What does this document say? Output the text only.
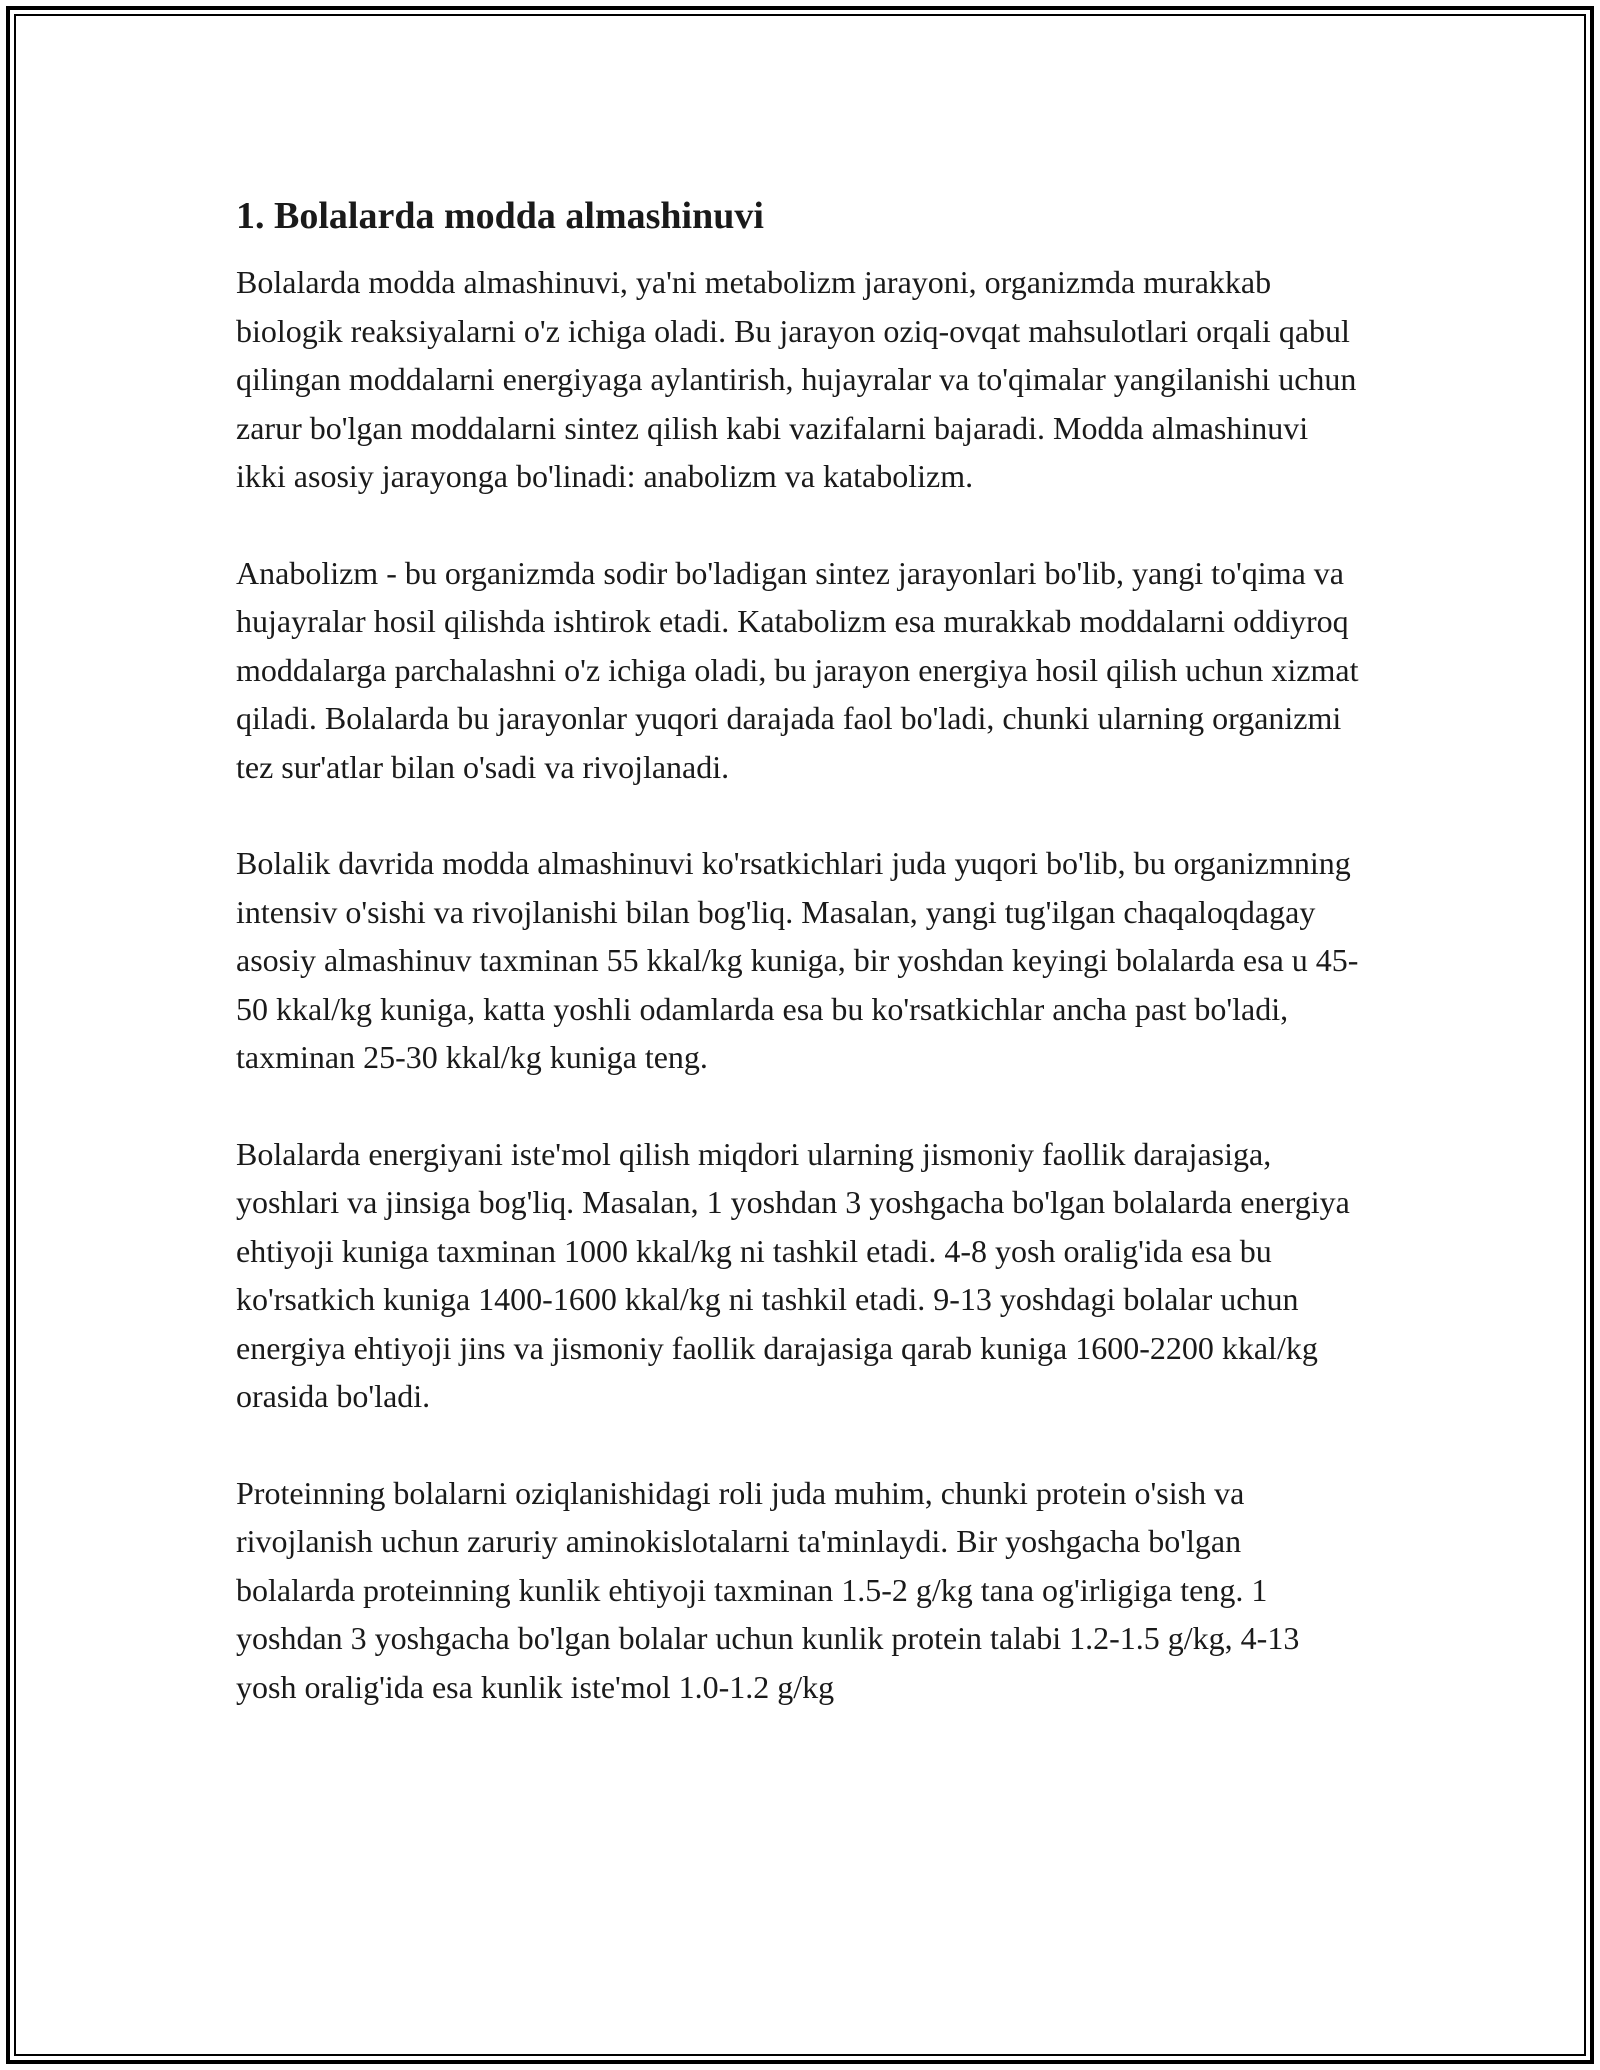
1. Bolalarda modda almashinuvi

Bolalarda modda almashinuvi, ya'ni metabolizm jarayoni, organizmda murakkab biologik reaksiyalarni o'z ichiga oladi. Bu jarayon oziq-ovqat mahsulotlari orqali qabul qilingan moddalarni energiyaga aylantirish, hujayralar va to'qimalar yangilanishi uchun zarur bo'lgan moddalarni sintez qilish kabi vazifalarni bajaradi. Modda almashinuvi ikki asosiy jarayonga bo'linadi: anabolizm va katabolizm.

Anabolizm - bu organizmda sodir bo'ladigan sintez jarayonlari bo'lib, yangi to'qima va hujayralar hosil qilishda ishtirok etadi. Katabolizm esa murakkab moddalarni oddiyroq moddalarga parchalashni o'z ichiga oladi, bu jarayon energiya hosil qilish uchun xizmat qiladi. Bolalarda bu jarayonlar yuqori darajada faol bo'ladi, chunki ularning organizmi tez sur'atlar bilan o'sadi va rivojlanadi.

Bolalik davrida modda almashinuvi ko'rsatkichlari juda yuqori bo'lib, bu organizmning intensiv o'sishi va rivojlanishi bilan bog'liq. Masalan, yangi tug'ilgan chaqaloqdagay asosiy almashinuv taxminan 55 kkal/kg kuniga, bir yoshdan keyingi bolalarda esa u 45-50 kkal/kg kuniga, katta yoshli odamlarda esa bu ko'rsatkichlar ancha past bo'ladi, taxminan 25-30 kkal/kg kuniga teng.

Bolalarda energiyani iste'mol qilish miqdori ularning jismoniy faollik darajasiga, yoshlari va jinsiga bog'liq. Masalan, 1 yoshdan 3 yoshgacha bo'lgan bolalarda energiya ehtiyoji kuniga taxminan 1000 kkal/kg ni tashkil etadi. 4-8 yosh oralig'ida esa bu ko'rsatkich kuniga 1400-1600 kkal/kg ni tashkil etadi. 9-13 yoshdagi bolalar uchun energiya ehtiyoji jins va jismoniy faollik darajasiga qarab kuniga 1600-2200 kkal/kg orasida bo'ladi.

Proteinning bolalarni oziqlanishidagi roli juda muhim, chunki protein o'sish va rivojlanish uchun zaruriy aminokislotalarni ta'minlaydi. Bir yoshgacha bo'lgan bolalarda proteinning kunlik ehtiyoji taxminan 1.5-2 g/kg tana og'irligiga teng. 1 yoshdan 3 yoshgacha bo'lgan bolalar uchun kunlik protein talabi 1.2-1.5 g/kg, 4-13 yosh oralig'ida esa kunlik iste'mol 1.0-1.2 g/kg
